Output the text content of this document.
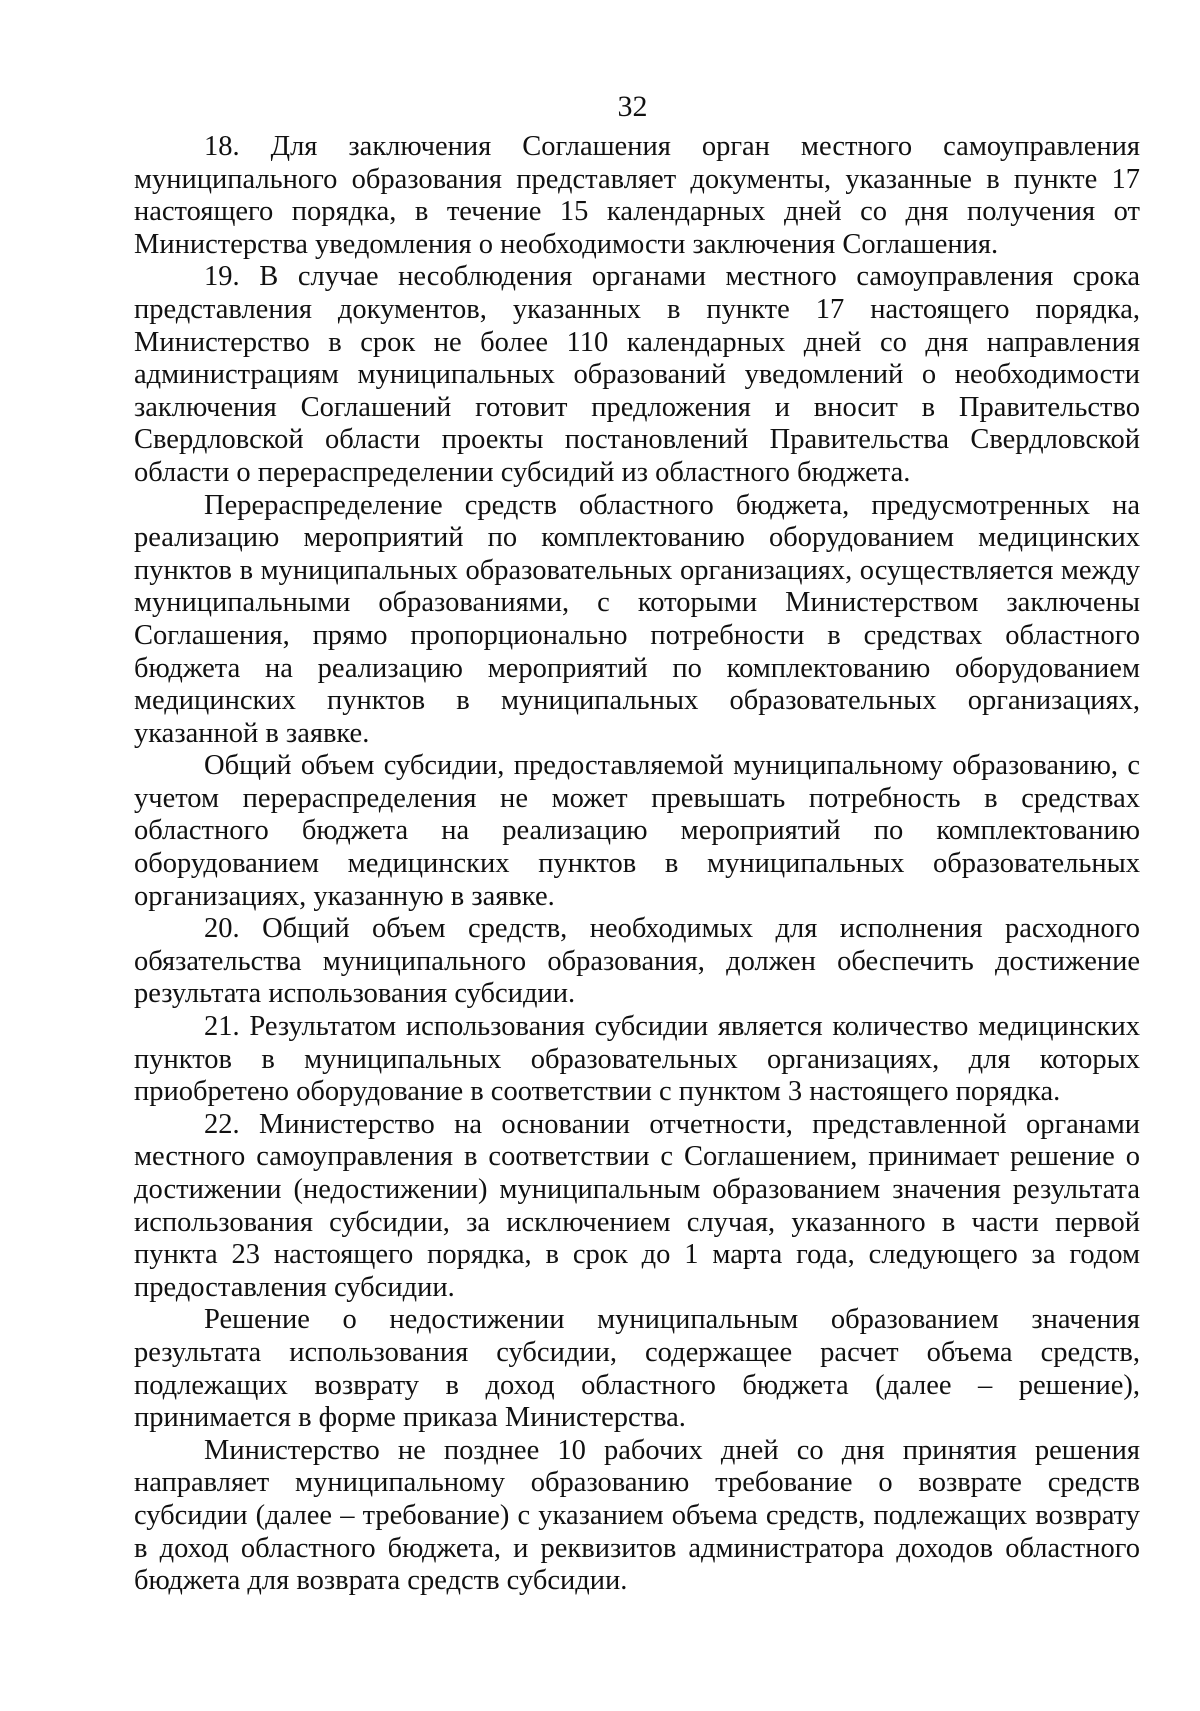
32

18. Для заключения Соглашения орган местного самоуправления муниципального образования представляет документы, указанные в пункте 17 настоящего порядка, в течение 15 календарных дней со дня получения от Министерства уведомления о необходимости заключения Соглашения.

19. В случае несоблюдения органами местного самоуправления срока представления документов, указанных в пункте 17 настоящего порядка, Министерство в срок не более 110 календарных дней со дня направления администрациям муниципальных образований уведомлений о необходимости заключения Соглашений готовит предложения и вносит в Правительство Свердловской области проекты постановлений Правительства Свердловской области о перераспределении субсидий из областного бюджета.

Перераспределение средств областного бюджета, предусмотренных на реализацию мероприятий по комплектованию оборудованием медицинских пунктов в муниципальных образовательных организациях, осуществляется между муниципальными образованиями, с которыми Министерством заключены Соглашения, прямо пропорционально потребности в средствах областного бюджета на реализацию мероприятий по комплектованию оборудованием медицинских пунктов в муниципальных образовательных организациях, указанной в заявке.

Общий объем субсидии, предоставляемой муниципальному образованию, с учетом перераспределения не может превышать потребность в средствах областного бюджета на реализацию мероприятий по комплектованию оборудованием медицинских пунктов в муниципальных образовательных организациях, указанную в заявке.

20. Общий объем средств, необходимых для исполнения расходного обязательства муниципального образования, должен обеспечить достижение результата использования субсидии.

21. Результатом использования субсидии является количество медицинских пунктов в муниципальных образовательных организациях, для которых приобретено оборудование в соответствии с пунктом 3 настоящего порядка.

22. Министерство на основании отчетности, представленной органами местного самоуправления в соответствии с Соглашением, принимает решение о достижении (недостижении) муниципальным образованием значения результата использования субсидии, за исключением случая, указанного в части первой пункта 23 настоящего порядка, в срок до 1 марта года, следующего за годом предоставления субсидии.

Решение о недостижении муниципальным образованием значения результата использования субсидии, содержащее расчет объема средств, подлежащих возврату в доход областного бюджета (далее – решение), принимается в форме приказа Министерства.

Министерство не позднее 10 рабочих дней со дня принятия решения направляет муниципальному образованию требование о возврате средств субсидии (далее – требование) с указанием объема средств, подлежащих возврату в доход областного бюджета, и реквизитов администратора доходов областного бюджета для возврата средств субсидии.
